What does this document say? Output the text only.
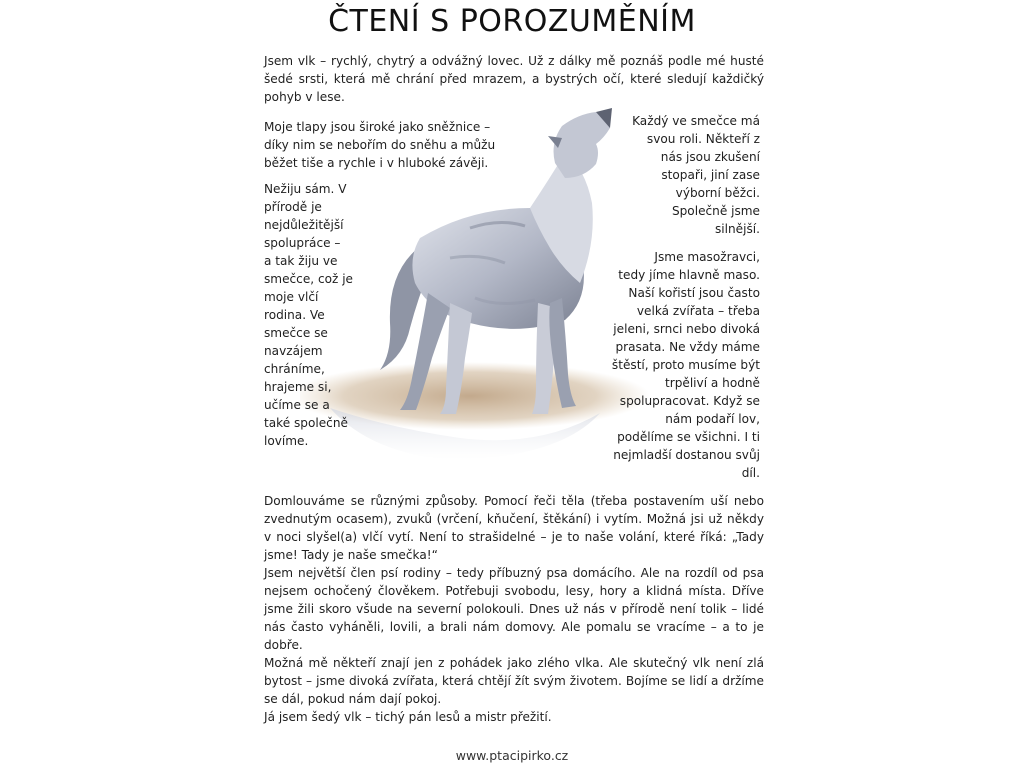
ČTENÍ S POROZUMĚNÍM

Jsem vlk – rychlý, chytrý a odvážný lovec. Už z dálky mě poznáš podle mé husté šedé srsti, která mě chrání před mrazem, a bystrých očí, které sledují každičký pohyb v lese.

Moje tlapy jsou široké jako sněžnice –
díky nim se nebořím do sněhu a můžu
běžet tiše a rychle i v hluboké závěji.

Nežiju sám. V
přírodě je
nejdůležitější
spolupráce –
a tak žiju ve
smečce, což je
moje vlčí
rodina. Ve
smečce se
navzájem
chráníme,
hrajeme si,
učíme se a
také společně
lovíme.

Každý ve smečce má
svou roli. Někteří z
nás jsou zkušení
stopaři, jiní zase
výborní běžci.
Společně jsme
silnější.

Jsme masožravci,
tedy jíme hlavně maso.
Naší kořistí jsou často
velká zvířata – třeba
jeleni, srnci nebo divoká
prasata. Ne vždy máme
štěstí, proto musíme být
trpěliví a hodně
spolupracovat. Když se
nám podaří lov,
podělíme se všichni. I ti
nejmladší dostanou svůj
díl.

Domlouváme se různými způsoby. Pomocí řeči těla (třeba postavením uší nebo zvednutým ocasem), zvuků (vrčení, kňučení, štěkání) i vytím. Možná jsi už někdy v noci slyšel(a) vlčí vytí. Není to strašidelné – je to naše volání, které říká: „Tady jsme! Tady je naše smečka!“

Jsem největší člen psí rodiny – tedy příbuzný psa domácího. Ale na rozdíl od psa nejsem ochočený člověkem. Potřebuji svobodu, lesy, hory a klidná místa. Dříve jsme žili skoro všude na severní polokouli. Dnes už nás v přírodě není tolik – lidé nás často vyháněli, lovili, a brali nám domovy. Ale pomalu se vracíme – a to je dobře.

Možná mě někteří znají jen z pohádek jako zlého vlka. Ale skutečný vlk není zlá bytost – jsme divoká zvířata, která chtějí žít svým životem. Bojíme se lidí a držíme se dál, pokud nám dají pokoj.

Já jsem šedý vlk – tichý pán lesů a mistr přežití.

www.ptacipirko.cz
